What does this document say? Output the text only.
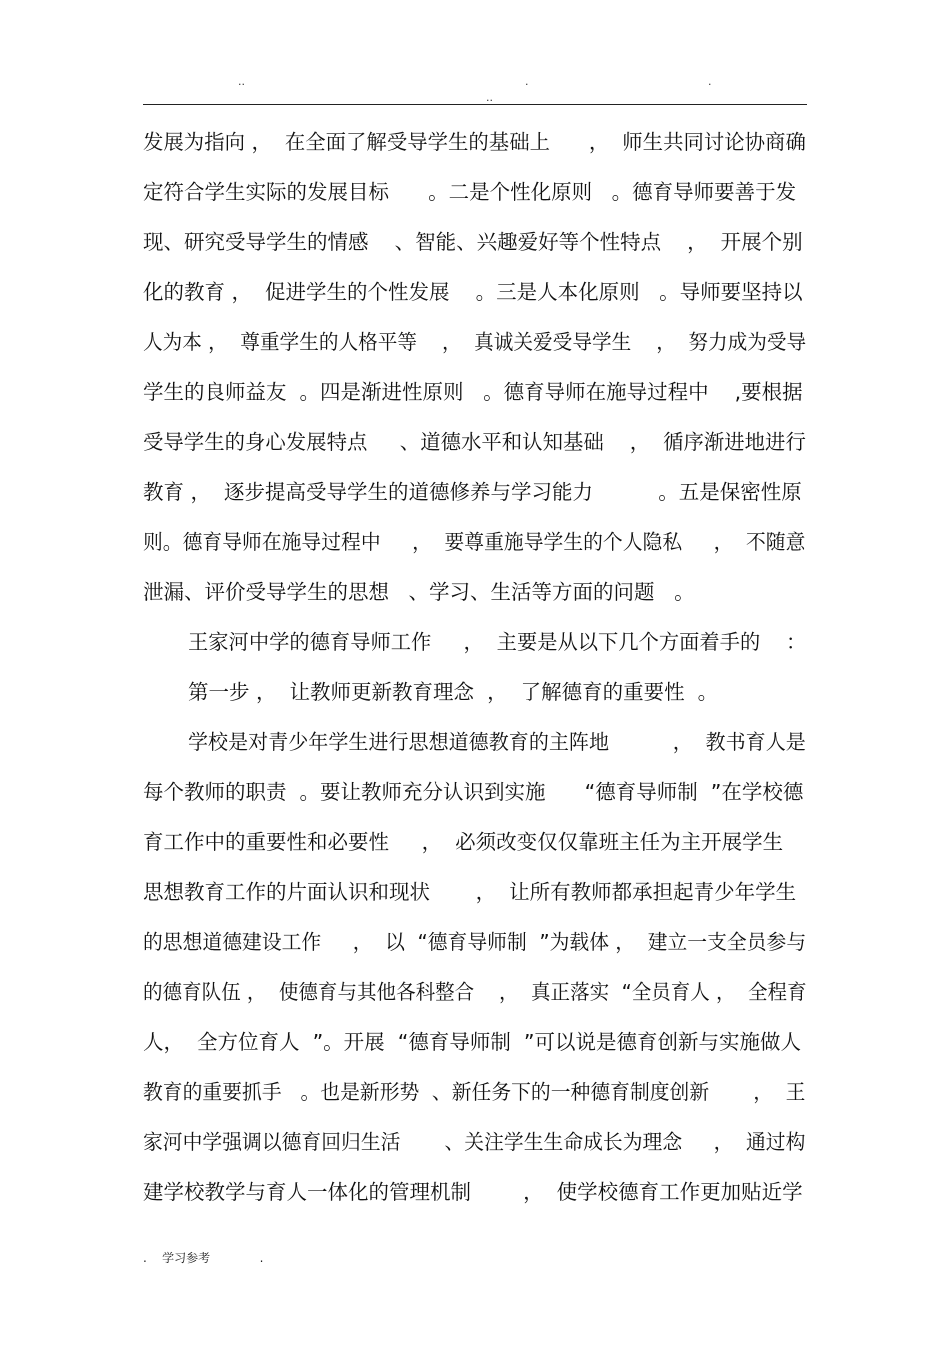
..	.	.
..
发展为指向 ，  在全面了解受导学生的基础上      ，  师生共同讨论协商确
定符合学生实际的发展目标      。二是个性化原则   。德育导师要善于发
现、研究受导学生的情感    、智能、兴趣爱好等个性特点    ，  开展个别
化的教育 ，  促进学生的个性发展    。三是人本化原则   。导师要坚持以
人为本 ，  尊重学生的人格平等    ，  真诚关爱受导学生    ，  努力成为受导
学生的良师益友  。四是渐进性原则   。德育导师在施导过程中    ,要根据
受导学生的身心发展特点     、道德水平和认知基础    ，  循序渐进地进行
教育 ，  逐步提高受导学生的道德修养与学习能力          。五是保密性原
则。德育导师在施导过程中     ，  要尊重施导学生的个人隐私     ，  不随意
泄漏、评价受导学生的思想   、学习、生活等方面的问题   。
王家河中学的德育导师工作     ，  主要是从以下几个方面着手的    ：
第一步 ，  让教师更新教育理念  ，  了解德育的重要性  。
学校是对青少年学生进行思想道德教育的主阵地          ，  教书育人是
每个教师的职责  。要让教师充分认识到实施      “德育导师制  ”在学校德
育工作中的重要性和必要性     ，  必须改变仅仅靠班主任为主开展学生
思想教育工作的片面认识和现状       ，  让所有教师都承担起青少年学生
的思想道德建设工作     ，  以  “德育导师制  ”为载体 ，  建立一支全员参与
的德育队伍 ，  使德育与其他各科整合    ，  真正落实  “全员育人 ，  全程育
人，  全方位育人  ”。开展  “德育导师制  ”可以说是德育创新与实施做人
教育的重要抓手   。也是新形势  、新任务下的一种德育制度创新       ，  王
家河中学强调以德育回归生活       、关注学生生命成长为理念     ，  通过构
建学校教学与育人一体化的管理机制        ，  使学校德育工作更加贴近学
.    学习参考             .
